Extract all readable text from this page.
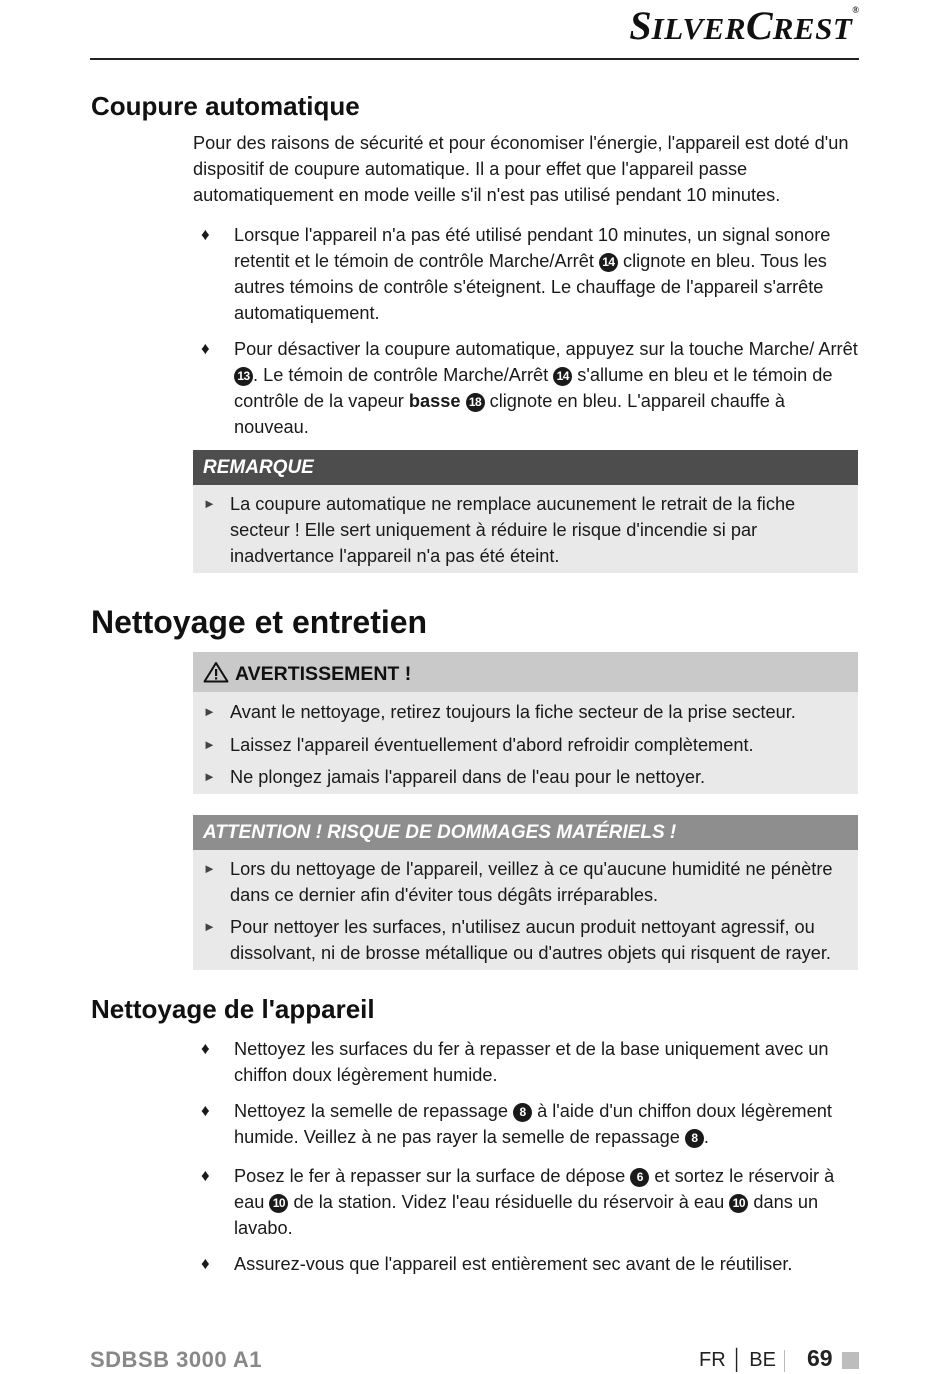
SILVERCREST®
Coupure automatique

Pour des raisons de sécurité et pour économiser l'énergie, l'appareil est doté d'un dispositif de coupure automatique. Il a pour effet que l'appareil passe automatiquement en mode veille s'il n'est pas utilisé pendant 10 minutes.

♦ Lorsque l'appareil n'a pas été utilisé pendant 10 minutes, un signal sonore retentit et le témoin de contrôle Marche/Arrêt 14 clignote en bleu. Tous les autres témoins de contrôle s'éteignent. Le chauffage de l'appareil s'arrête automatiquement.
♦ Pour désactiver la coupure automatique, appuyez sur la touche Marche/ Arrêt 13 . Le témoin de contrôle Marche/Arrêt 14 s'allume en bleu et le témoin de contrôle de la vapeur basse 18 clignote en bleu. L'appareil chauffe à nouveau.
REMARQUE
► La coupure automatique ne remplace aucunement le retrait de la fiche secteur ! Elle sert uniquement à réduire le risque d'incendie si par inadvertance l'appareil n'a pas été éteint.
Nettoyage et entretien
AVERTISSEMENT !
► Avant le nettoyage, retirez toujours la fiche secteur de la prise secteur.
► Laissez l'appareil éventuellement d'abord refroidir complètement.
► Ne plongez jamais l'appareil dans de l'eau pour le nettoyer.
ATTENTION ! RISQUE DE DOMMAGES MATÉRIELS !
► Lors du nettoyage de l'appareil, veillez à ce qu'aucune humidité ne pénètre dans ce dernier afin d'éviter tous dégâts irréparables.
► Pour nettoyer les surfaces, n'utilisez aucun produit nettoyant agressif, ou dissolvant, ni de brosse métallique ou d'autres objets qui risquent de rayer.
Nettoyage de l'appareil
♦ Nettoyez les surfaces du fer à repasser et de la base uniquement avec un chiffon doux légèrement humide.
♦ Nettoyez la semelle de repassage 8 à l'aide d'un chiffon doux légèrement humide. Veillez à ne pas rayer la semelle de repassage 8 .
♦ Posez le fer à repasser sur la surface de dépose 6 et sortez le réservoir à eau 10 de la station. Videz l'eau résiduelle du réservoir à eau 10 dans un lavabo.
♦ Assurez-vous que l'appareil est entièrement sec avant de le réutiliser.
SDBSB 3000 A1	FR │ BE 69
